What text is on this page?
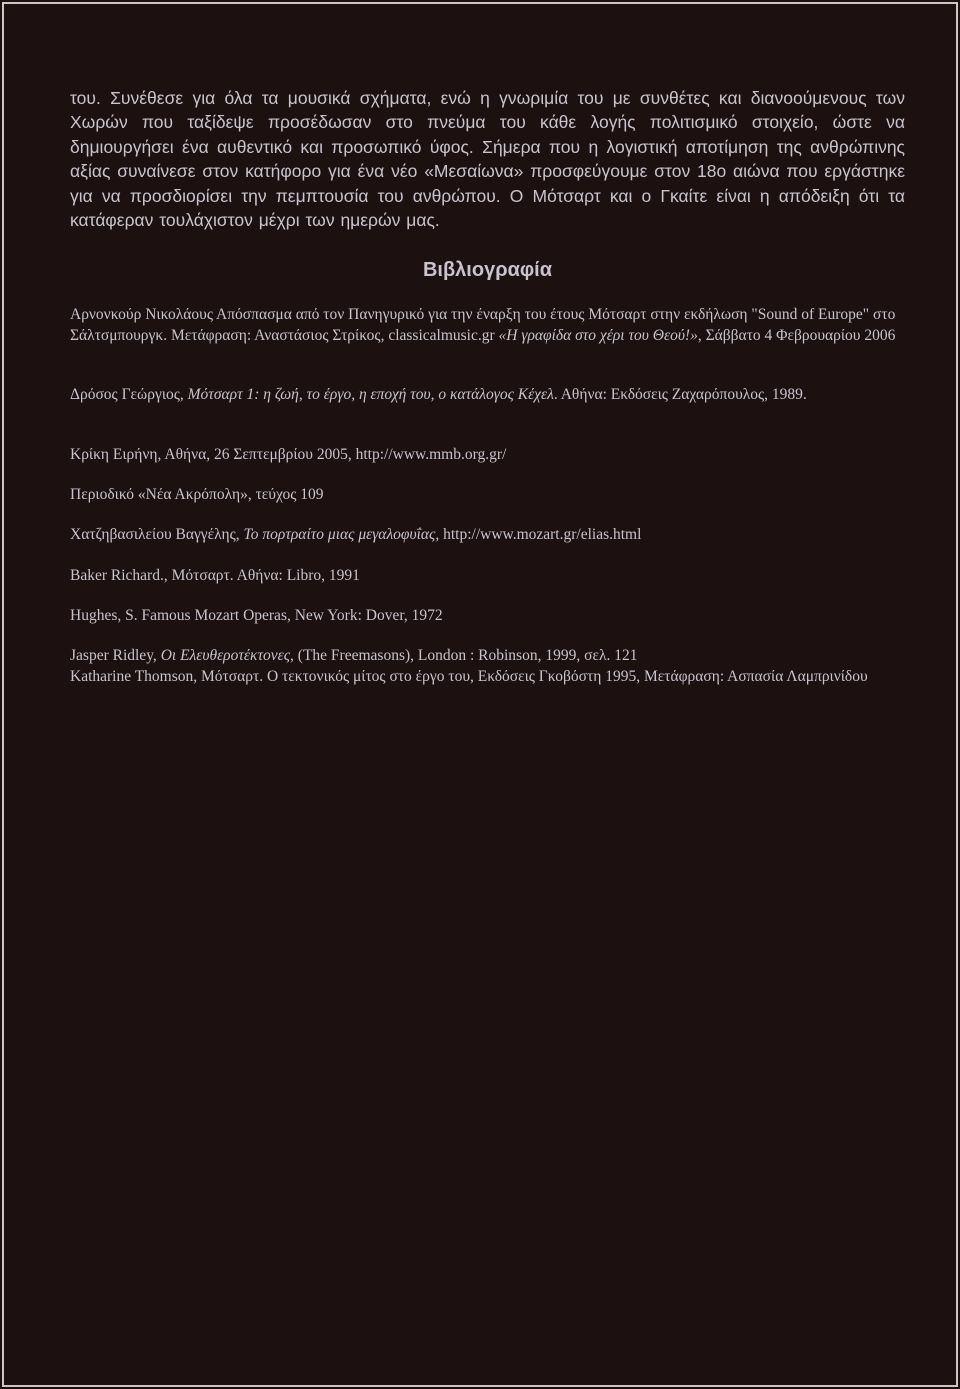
του. Συνέθεσε για όλα τα μουσικά σχήματα, ενώ η γνωριμία του με συνθέτες και διανοούμενους των Χωρών που ταξίδεψε προσέδωσαν στο πνεύμα του κάθε λογής πολιτισμικό στοιχείο, ώστε να δημιουργήσει ένα αυθεντικό και προσωπικό ύφος. Σήμερα που η λογιστική αποτίμηση της ανθρώπινης αξίας συναίνεσε στον κατήφορο για ένα νέο «Μεσαίωνα» προσφεύγουμε στον 18ο αιώνα που εργάστηκε για να προσδιορίσει την πεμπτουσία του ανθρώπου. Ο Μότσαρτ και ο Γκαίτε είναι η απόδειξη ότι τα κατάφεραν τουλάχιστον μέχρι των ημερών μας.

Βιβλιογραφία

Αρνονκούρ Νικολάους Απόσπασμα από τον Πανηγυρικό για την έναρξη του έτους Μότσαρτ στην εκδήλωση "Sound of Europe" στο Σάλτσμπουργκ. Μετάφραση: Αναστάσιος Στρίκος, classicalmusic.gr «Η γραφίδα στο χέρι του Θεού!», Σάββατο 4 Φεβρουαρίου 2006

Δρόσος Γεώργιος, Μότσαρτ 1: η ζωή, το έργο, η εποχή του, ο κατάλογος Κέχελ. Αθήνα: Εκδόσεις Ζαχαρόπουλος, 1989.

Κρίκη Ειρήνη, Αθήνα, 26 Σεπτεμβρίου 2005, http://www.mmb.org.gr/

Περιοδικό «Νέα Ακρόπολη», τεύχος 109

Χατζηβασιλείου Βαγγέλης, Το πορτραίτο μιας μεγαλοφυΐας, http://www.mozart.gr/elias.html

Baker Richard., Μότσαρτ. Αθήνα: Libro, 1991

Hughes, S. Famous Mozart Operas, New York: Dover, 1972

Jasper Ridley, Οι Ελευθεροτέκτονες, (The Freemasons), London : Robinson, 1999, σελ. 121

Katharine Thomson, Μότσαρτ. Ο τεκτονικός μίτος στο έργο του, Εκδόσεις Γκοβόστη 1995, Μετάφραση: Ασπασία Λαμπρινίδου
